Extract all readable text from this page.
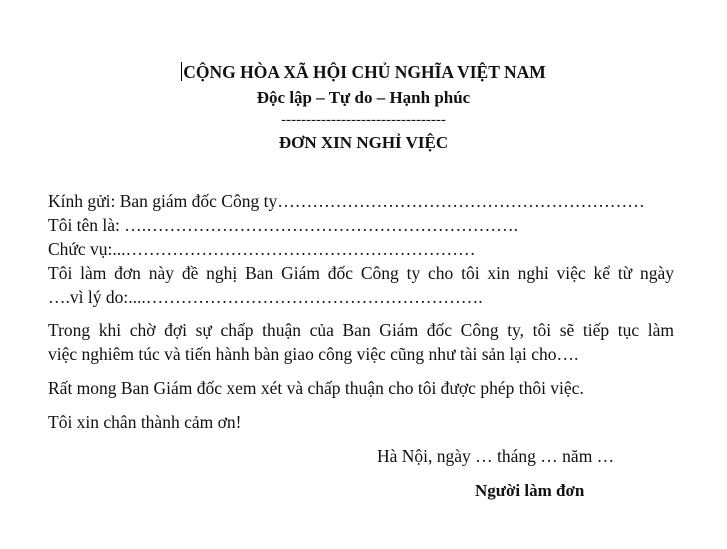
CỘNG HÒA XÃ HỘI CHỦ NGHĨA VIỆT NAM
Độc lập – Tự do – Hạnh phúc
---------------------------------
ĐƠN XIN NGHỈ VIỆC
Kính gửi: Ban giám đốc Công ty………………………………………………………
Tôi tên là: ….……………………………………………………….
Chức vụ:...……………………………………………………
Tôi làm đơn này đề nghị Ban Giám đốc Công ty cho tôi xin nghỉ việc kể từ ngày
….vì lý do:....………………………………………………….
Trong khi chờ đợi sự chấp thuận của Ban Giám đốc Công ty, tôi sẽ tiếp tục làm
việc nghiêm túc và tiến hành bàn giao công việc cũng như tài sản lại cho….
Rất mong Ban Giám đốc xem xét và chấp thuận cho tôi được phép thôi việc.
Tôi xin chân thành cảm ơn!
Hà Nội, ngày … tháng … năm …
Người làm đơn
